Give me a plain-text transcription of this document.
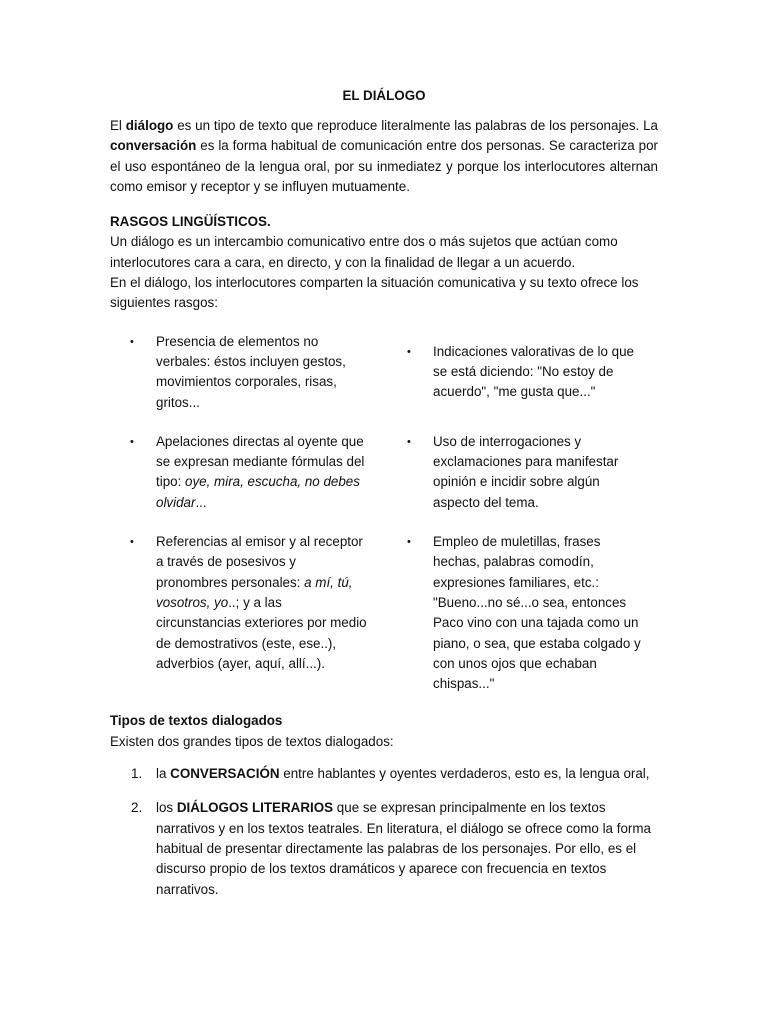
EL DIÁLOGO

El diálogo es un tipo de texto que reproduce literalmente las palabras de los personajes. La conversación es la forma habitual de comunicación entre dos personas. Se caracteriza por el uso espontáneo de la lengua oral, por su inmediatez y porque los interlocutores alternan como emisor y receptor y se influyen mutuamente.

RASGOS LINGÜÍSTICOS.

Un diálogo es un intercambio comunicativo entre dos o más sujetos que actúan como interlocutores cara a cara, en directo, y con la finalidad de llegar a un acuerdo.

En el diálogo, los interlocutores comparten la situación comunicativa y su texto ofrece los siguientes rasgos:

• Presencia de elementos no verbales: éstos incluyen gestos, movimientos corporales, risas, gritos...
• Indicaciones valorativas de lo que se está diciendo: "No estoy de acuerdo", "me gusta que..."
• Apelaciones directas al oyente que se expresan mediante fórmulas del tipo: oye, mira, escucha, no debes olvidar...
• Uso de interrogaciones y exclamaciones para manifestar opinión e incidir sobre algún aspecto del tema.
• Referencias al emisor y al receptor a través de posesivos y pronombres personales: a mí, tú, vosotros, yo..; y a las circunstancias exteriores por medio de demostrativos (este, ese..), adverbios (ayer, aquí, allí...).
• Empleo de muletillas, frases hechas, palabras comodín, expresiones familiares, etc.: "Bueno...no sé...o sea, entonces Paco vino con una tajada como un piano, o sea, que estaba colgado y con unos ojos que echaban chispas..."

Tipos de textos dialogados

Existen dos grandes tipos de textos dialogados:

1. la CONVERSACIÓN entre hablantes y oyentes verdaderos, esto es, la lengua oral,
2. los DIÁLOGOS LITERARIOS que se expresan principalmente en los textos narrativos y en los textos teatrales. En literatura, el diálogo se ofrece como la forma habitual de presentar directamente las palabras de los personajes. Por ello, es el discurso propio de los textos dramáticos y aparece con frecuencia en textos narrativos.
